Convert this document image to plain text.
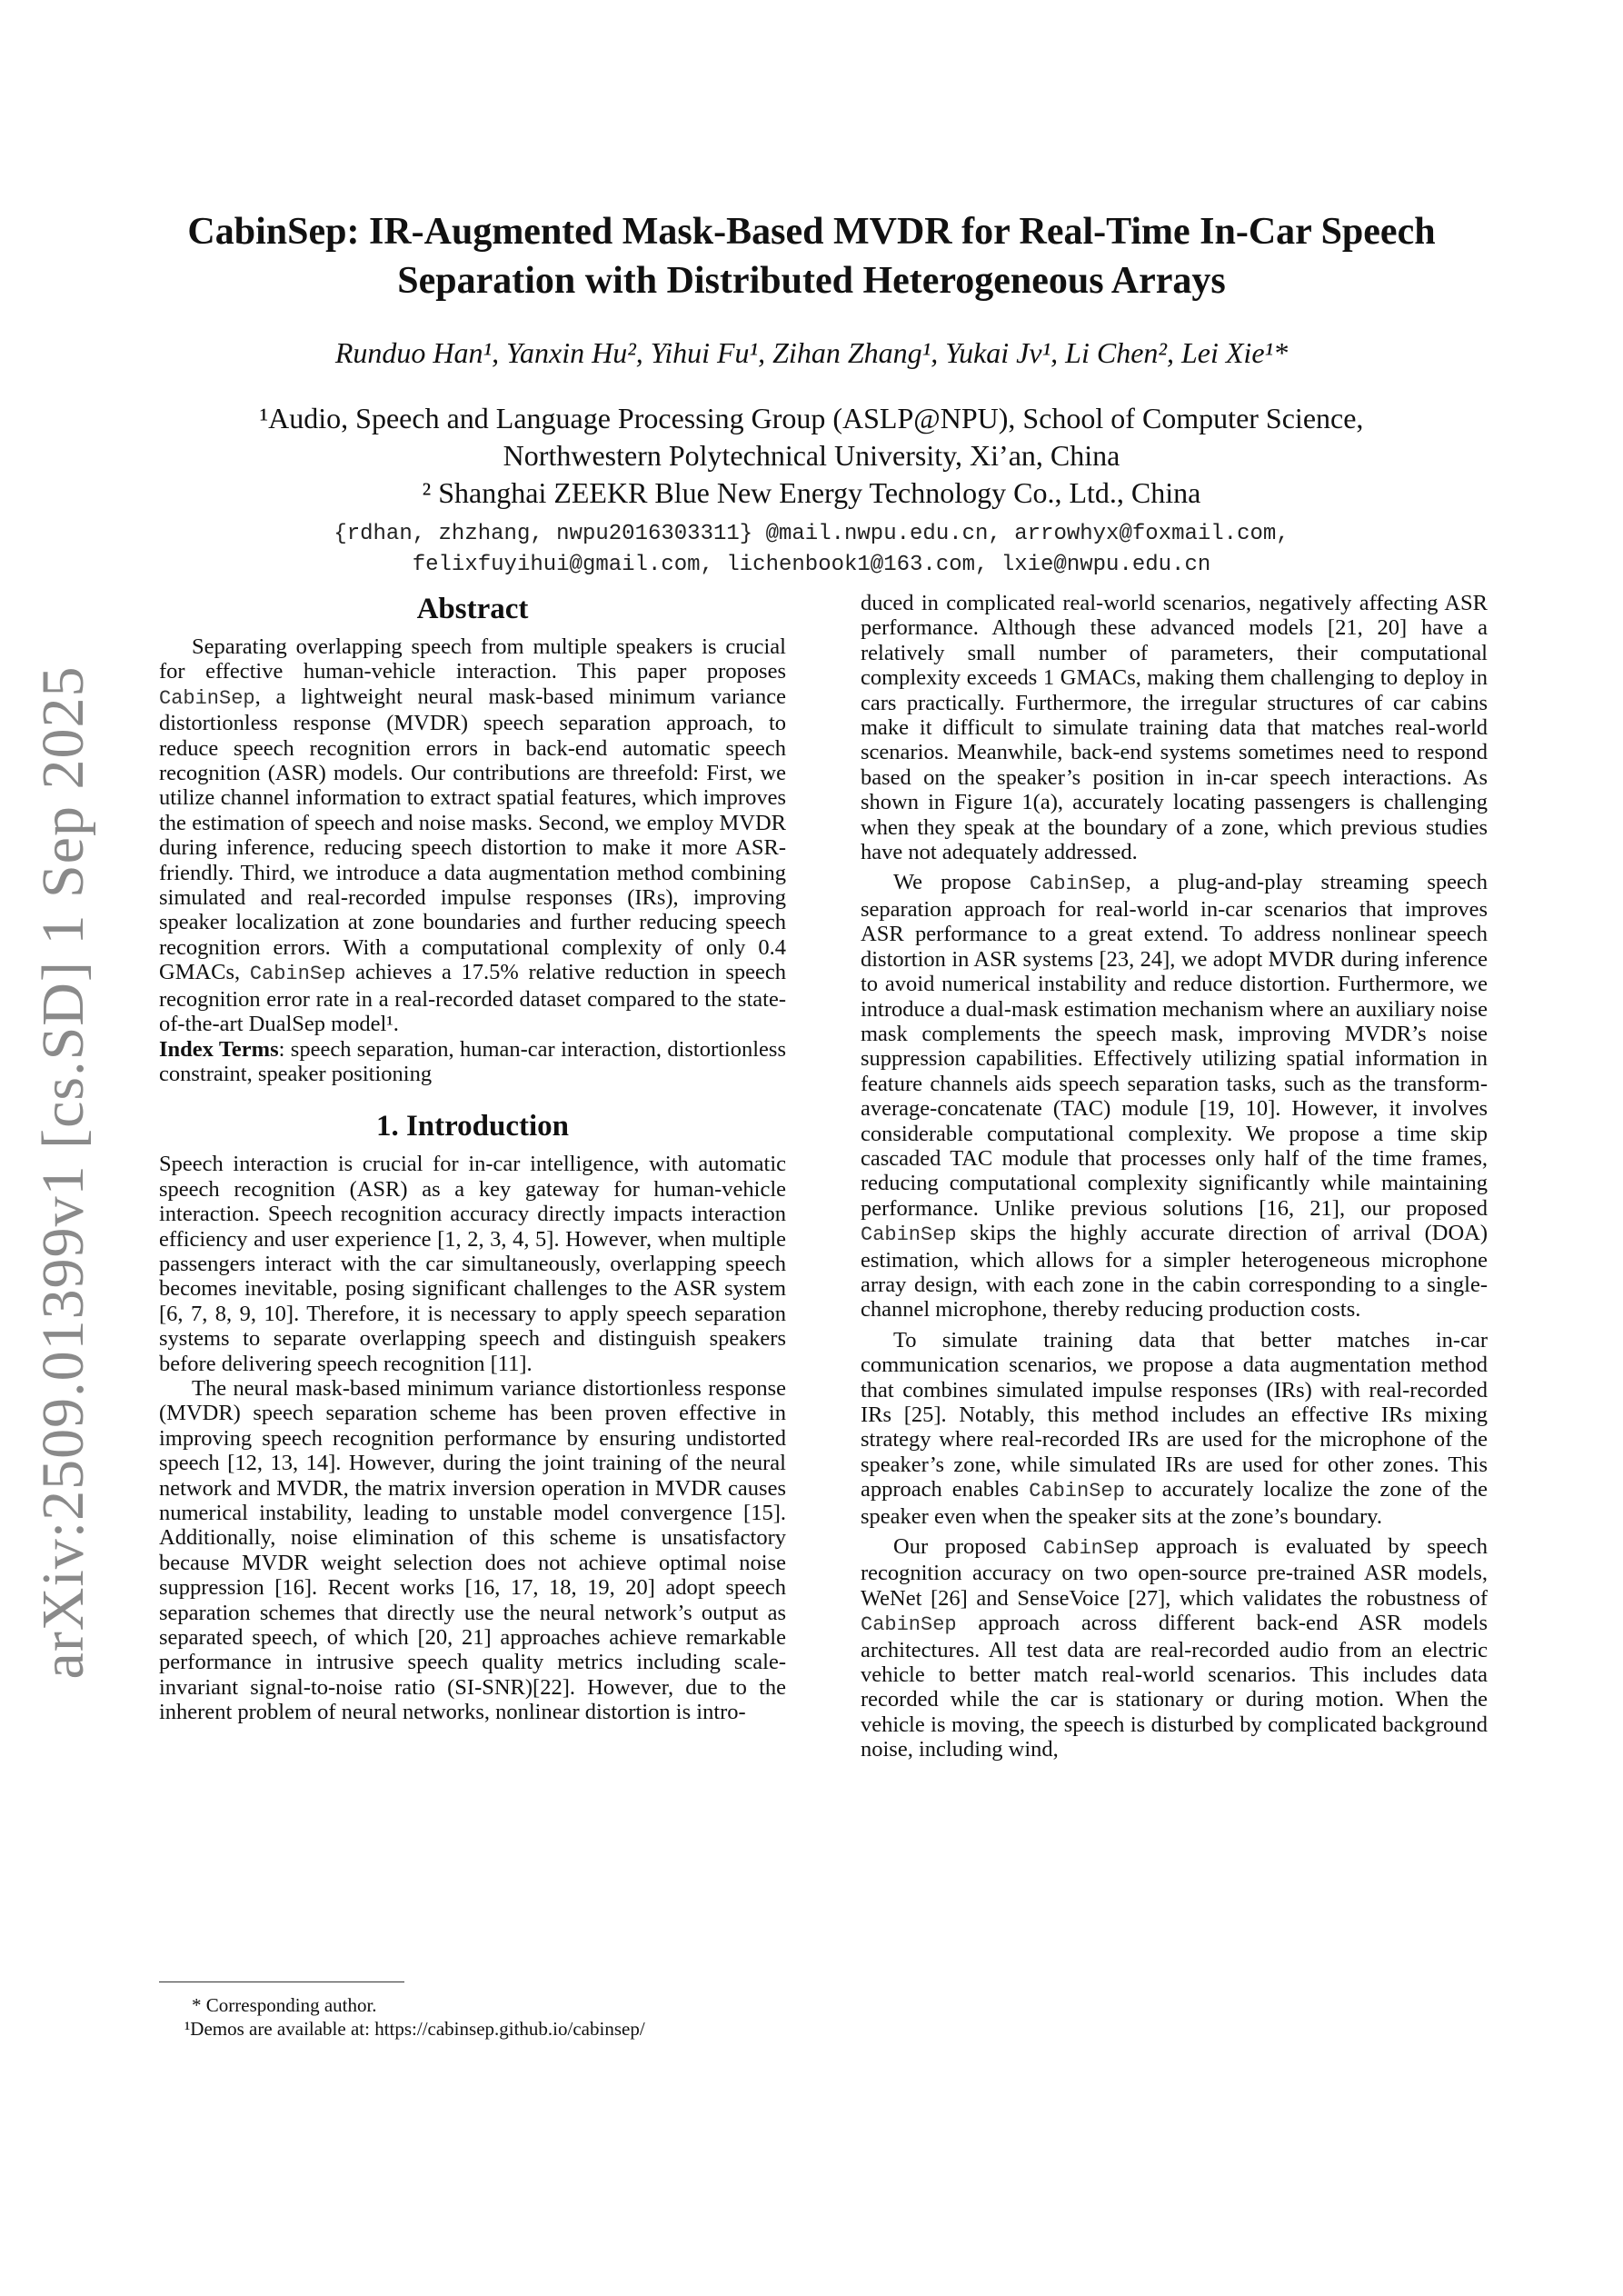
arXiv:2509.01399v1 [cs.SD] 1 Sep 2025
CabinSep: IR-Augmented Mask-Based MVDR for Real-Time In-Car Speech
Separation with Distributed Heterogeneous Arrays
Runduo Han¹, Yanxin Hu², Yihui Fu¹, Zihan Zhang¹, Yukai Jv¹, Li Chen², Lei Xie¹*
¹Audio, Speech and Language Processing Group (ASLP@NPU), School of Computer Science,
Northwestern Polytechnical University, Xi’an, China
² Shanghai ZEEKR Blue New Energy Technology Co., Ltd., China
{rdhan, zhzhang, nwpu2016303311} @mail.nwpu.edu.cn, arrowhyx@foxmail.com,
felixfuyihui@gmail.com, lichenbook1@163.com, lxie@nwpu.edu.cn
Abstract

Separating overlapping speech from multiple speakers is crucial for effective human-vehicle interaction. This paper proposes CabinSep, a lightweight neural mask-based minimum variance distortionless response (MVDR) speech separation approach, to reduce speech recognition errors in back-end automatic speech recognition (ASR) models. Our contributions are threefold: First, we utilize channel information to extract spatial features, which improves the estimation of speech and noise masks. Second, we employ MVDR during inference, reducing speech distortion to make it more ASR-friendly. Third, we introduce a data augmentation method combining simulated and real-recorded impulse responses (IRs), improving speaker localization at zone boundaries and further reducing speech recognition errors. With a computational complexity of only 0.4 GMACs, CabinSep achieves a 17.5% relative reduction in speech recognition error rate in a real-recorded dataset compared to the state-of-the-art DualSep model¹.

Index Terms: speech separation, human-car interaction, distortionless constraint, speaker positioning

1. Introduction

Speech interaction is crucial for in-car intelligence, with automatic speech recognition (ASR) as a key gateway for human-vehicle interaction. Speech recognition accuracy directly impacts interaction efficiency and user experience [1, 2, 3, 4, 5]. However, when multiple passengers interact with the car simultaneously, overlapping speech becomes inevitable, posing significant challenges to the ASR system [6, 7, 8, 9, 10]. Therefore, it is necessary to apply speech separation systems to separate overlapping speech and distinguish speakers before delivering speech recognition [11].

The neural mask-based minimum variance distortionless response (MVDR) speech separation scheme has been proven effective in improving speech recognition performance by ensuring undistorted speech [12, 13, 14]. However, during the joint training of the neural network and MVDR, the matrix inversion operation in MVDR causes numerical instability, leading to unstable model convergence [15]. Additionally, noise elimination of this scheme is unsatisfactory because MVDR weight selection does not achieve optimal noise suppression [16]. Recent works [16, 17, 18, 19, 20] adopt speech separation schemes that directly use the neural network’s output as separated speech, of which [20, 21] approaches achieve remarkable performance in intrusive speech quality metrics including scale-invariant signal-to-noise ratio (SI-SNR)[22]. However, due to the inherent problem of neural networks, nonlinear distortion is intro-

duced in complicated real-world scenarios, negatively affecting ASR performance. Although these advanced models [21, 20] have a relatively small number of parameters, their computational complexity exceeds 1 GMACs, making them challenging to deploy in cars practically. Furthermore, the irregular structures of car cabins make it difficult to simulate training data that matches real-world scenarios. Meanwhile, back-end systems sometimes need to respond based on the speaker’s position in in-car speech interactions. As shown in Figure 1(a), accurately locating passengers is challenging when they speak at the boundary of a zone, which previous studies have not adequately addressed.

We propose CabinSep, a plug-and-play streaming speech separation approach for real-world in-car scenarios that improves ASR performance to a great extend. To address nonlinear speech distortion in ASR systems [23, 24], we adopt MVDR during inference to avoid numerical instability and reduce distortion. Furthermore, we introduce a dual-mask estimation mechanism where an auxiliary noise mask complements the speech mask, improving MVDR’s noise suppression capabilities. Effectively utilizing spatial information in feature channels aids speech separation tasks, such as the transform-average-concatenate (TAC) module [19, 10]. However, it involves considerable computational complexity. We propose a time skip cascaded TAC module that processes only half of the time frames, reducing computational complexity significantly while maintaining performance. Unlike previous solutions [16, 21], our proposed CabinSep skips the highly accurate direction of arrival (DOA) estimation, which allows for a simpler heterogeneous microphone array design, with each zone in the cabin corresponding to a single-channel microphone, thereby reducing production costs.

To simulate training data that better matches in-car communication scenarios, we propose a data augmentation method that combines simulated impulse responses (IRs) with real-recorded IRs [25]. Notably, this method includes an effective IRs mixing strategy where real-recorded IRs are used for the microphone of the speaker’s zone, while simulated IRs are used for other zones. This approach enables CabinSep to accurately localize the zone of the speaker even when the speaker sits at the zone’s boundary.

Our proposed CabinSep approach is evaluated by speech recognition accuracy on two open-source pre-trained ASR models, WeNet [26] and SenseVoice [27], which validates the robustness of CabinSep approach across different back-end ASR models architectures. All test data are real-recorded audio from an electric vehicle to better match real-world scenarios. This includes data recorded while the car is stationary or during motion. When the vehicle is moving, the speech is disturbed by complicated background noise, including wind,

* Corresponding author.

¹Demos are available at: https://cabinsep.github.io/cabinsep/
